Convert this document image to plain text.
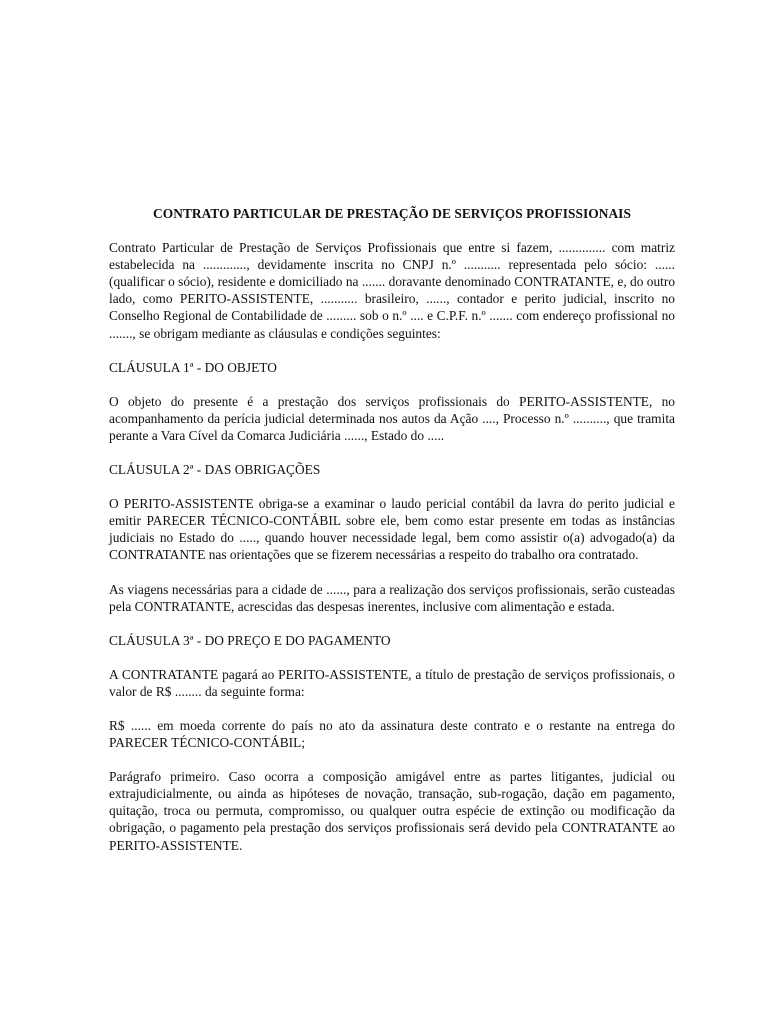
CONTRATO PARTICULAR DE PRESTAÇÃO DE SERVIÇOS PROFISSIONAIS
Contrato Particular de Prestação de Serviços Profissionais que entre si fazem, .............. com matriz estabelecida na ............., devidamente inscrita no CNPJ n.º ........... representada pelo sócio: ...... (qualificar o sócio), residente e domiciliado na ....... doravante denominado CONTRATANTE, e, do outro lado, como PERITO-ASSISTENTE, ........... brasileiro, ......, contador e perito judicial, inscrito no Conselho Regional de Contabilidade de ......... sob o n.º .... e C.P.F. n.º ....... com endereço profissional no ......., se obrigam mediante as cláusulas e condições seguintes:
CLÁUSULA 1ª - DO OBJETO
O objeto do presente é a prestação dos serviços profissionais do PERITO-ASSISTENTE, no acompanhamento da perícia judicial determinada nos autos da Ação ...., Processo n.º .........., que tramita perante a Vara Cível da Comarca Judiciária ......, Estado do .....
CLÁUSULA 2ª - DAS OBRIGAÇÕES
O PERITO-ASSISTENTE obriga-se a examinar o laudo pericial contábil da lavra do perito judicial e emitir PARECER TÉCNICO-CONTÁBIL sobre ele, bem como estar presente em todas as instâncias judiciais no Estado do ....., quando houver necessidade legal, bem como assistir o(a) advogado(a) da CONTRATANTE nas orientações que se fizerem necessárias a respeito do trabalho ora contratado.
As viagens necessárias para a cidade de ......, para a realização dos serviços profissionais, serão custeadas pela CONTRATANTE, acrescidas das despesas inerentes, inclusive com alimentação e estada.
CLÁUSULA 3ª - DO PREÇO E DO PAGAMENTO
A CONTRATANTE pagará ao PERITO-ASSISTENTE, a título de prestação de serviços profissionais, o valor de R$ ........ da seguinte forma:
R$ ...... em moeda corrente do país no ato da assinatura deste contrato e o restante na entrega do PARECER TÉCNICO-CONTÁBIL;
Parágrafo primeiro. Caso ocorra a composição amigável entre as partes litigantes, judicial ou extrajudicialmente, ou ainda as hipóteses de novação, transação, sub-rogação, dação em pagamento, quitação, troca ou permuta, compromisso, ou qualquer outra espécie de extinção ou modificação da obrigação, o pagamento pela prestação dos serviços profissionais será devido pela CONTRATANTE ao PERITO-ASSISTENTE.
